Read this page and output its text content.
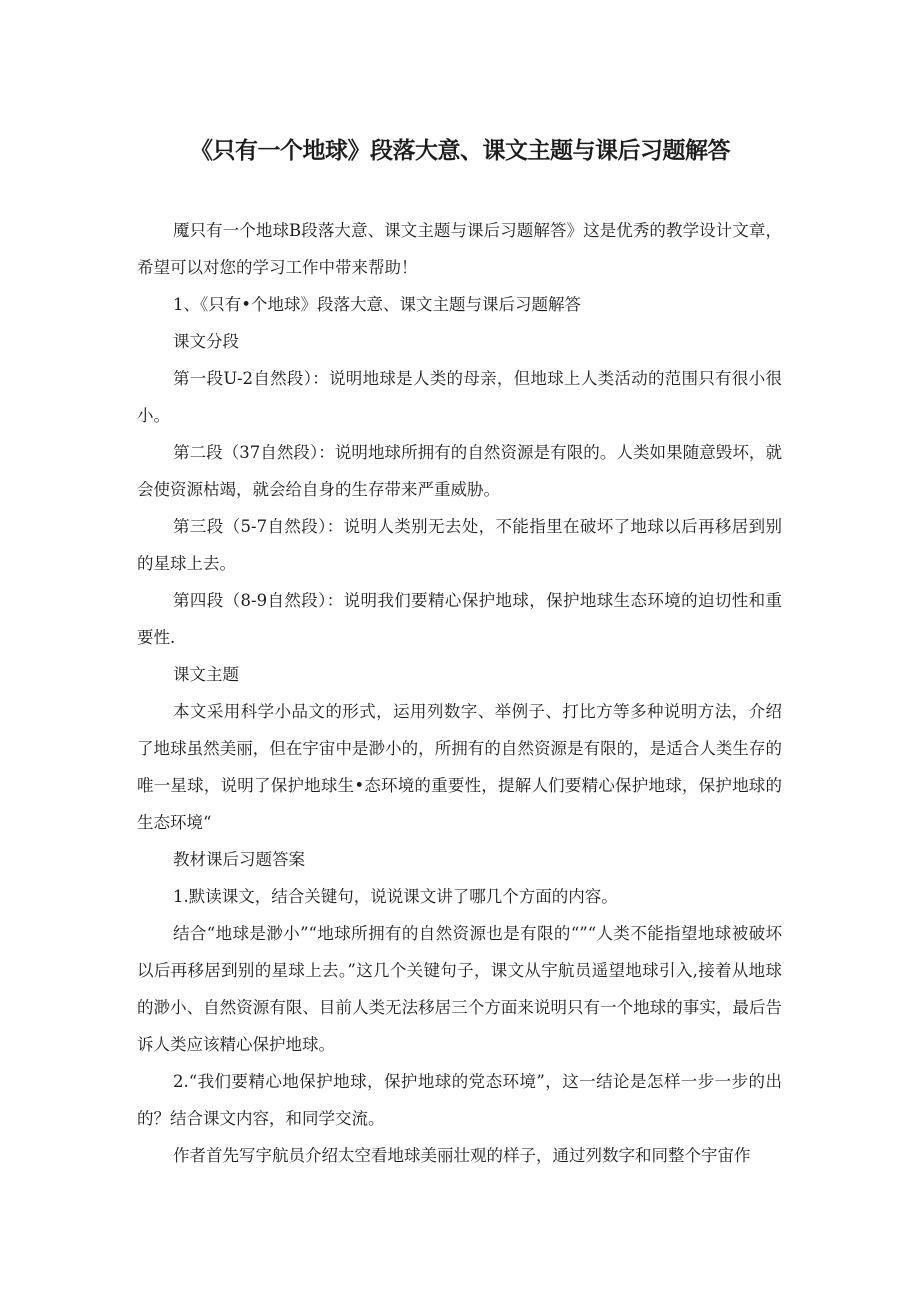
《只有一个地球》段落大意、课文主题与课后习题解答

魇只有一个地球B段落大意、课文主题与课后习题解答》这是优秀的教学设计文章，希望可以对您的学习工作中带来帮助！

1、《只有•个地球》段落大意、课文主题与课后习题解答

课文分段

第一段U-2自然段）：说明地球是人类的母亲，但地球上人类活动的范围只有很小很小。

第二段（37自然段）：说明地球所拥有的自然资源是有限的。人类如果随意毁坏，就会使资源枯竭，就会给自身的生存带来严重威胁。

第三段（5-7自然段）：说明人类别无去处，不能指里在破坏了地球以后再移居到别的星球上去。

第四段（8-9自然段）：说明我们要精心保护地球，保护地球生态环境的迫切性和重要性.

课文主题

本文采用科学小品文的形式，运用列数字、举例子、打比方等多种说明方法，介绍了地球虽然美丽，但在宇宙中是渺小的，所拥有的自然资源是有限的，是适合人类生存的唯一星球，说明了保护地球生•态环境的重要性，提解人们要精心保护地球，保护地球的生态环境“

教材课后习题答案

1.默读课文，结合关键句，说说课文讲了哪几个方面的内容。

结合“地球是渺小”“地球所拥有的自然资源也是有限的“”“人类不能指望地球被破坏以后再移居到别的星球上去。”这几个关键句子，课文从宇航员遥望地球引入,接着从地球的渺小、自然资源有限、目前人类无法移居三个方面来说明只有一个地球的事实，最后告诉人类应该精心保护地球。

2.“我们要精心地保护地球，保护地球的党态环境”，这一结论是怎样一步一步的出的？结合课文内容，和同学交流。

作者首先写宇航员介绍太空看地球美丽壮观的样子，通过列数字和同整个宇宙作
